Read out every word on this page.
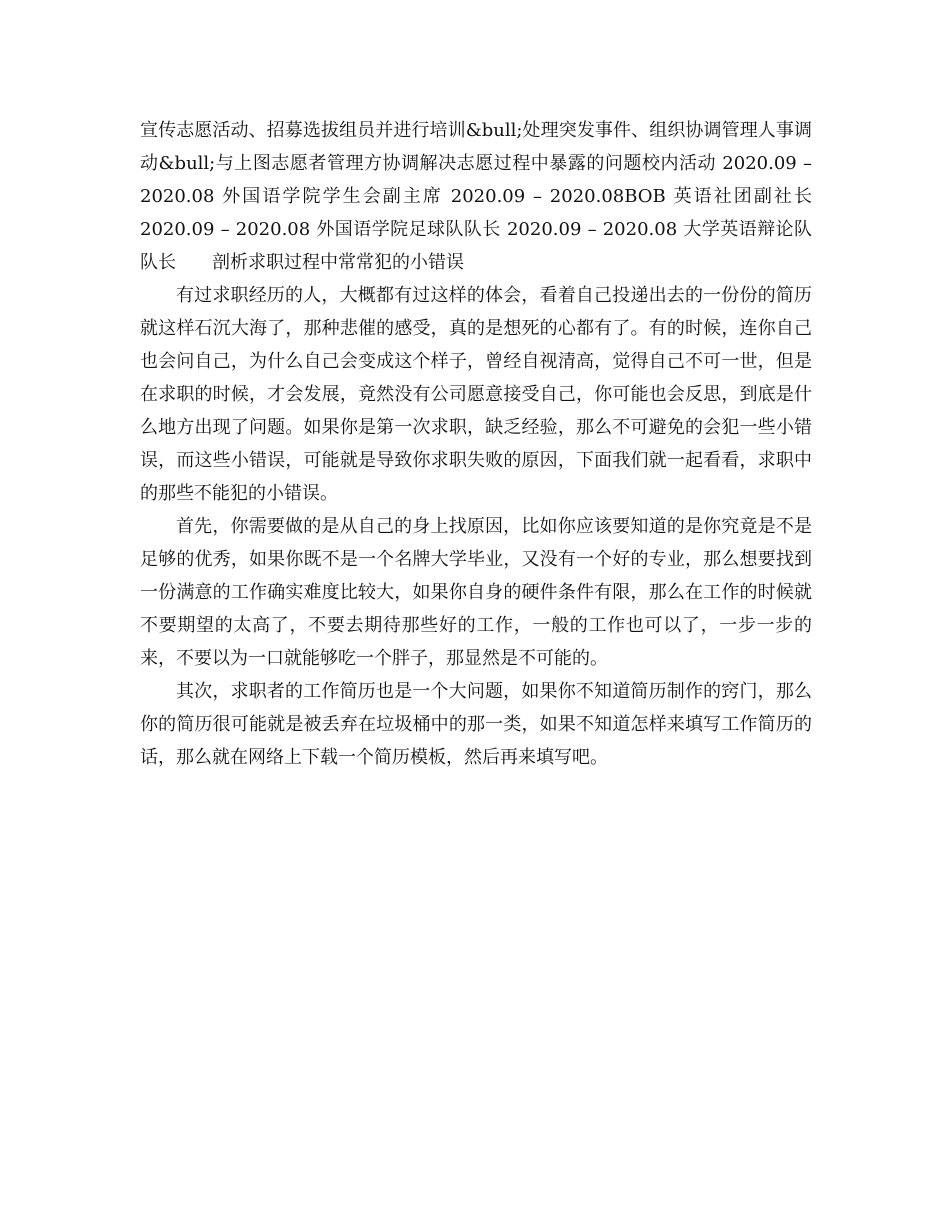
宣传志愿活动、招募选拔组员并进行培训&bull;处理突发事件、组织协调管理人事调动&bull;与上图志愿者管理方协调解决志愿过程中暴露的问题校内活动 2020.09 – 2020.08 外国语学院学生会副主席 2020.09 – 2020.08BOB 英语社团副社长 2020.09 – 2020.08 外国语学院足球队队长 2020.09 – 2020.08 大学英语辩论队队长 剖析求职过程中常常犯的小错误

有过求职经历的人，大概都有过这样的体会，看着自己投递出去的一份份的简历就这样石沉大海了，那种悲催的感受，真的是想死的心都有了。有的时候，连你自己也会问自己，为什么自己会变成这个样子，曾经自视清高，觉得自己不可一世，但是在求职的时候，才会发展，竟然没有公司愿意接受自己，你可能也会反思，到底是什么地方出现了问题。如果你是第一次求职，缺乏经验，那么不可避免的会犯一些小错误，而这些小错误，可能就是导致你求职失败的原因，下面我们就一起看看，求职中的那些不能犯的小错误。

首先，你需要做的是从自己的身上找原因，比如你应该要知道的是你究竟是不是足够的优秀，如果你既不是一个名牌大学毕业，又没有一个好的专业，那么想要找到一份满意的工作确实难度比较大，如果你自身的硬件条件有限，那么在工作的时候就不要期望的太高了，不要去期待那些好的工作，一般的工作也可以了，一步一步的来，不要以为一口就能够吃一个胖子，那显然是不可能的。

其次，求职者的工作简历也是一个大问题，如果你不知道简历制作的窍门，那么你的简历很可能就是被丢弃在垃圾桶中的那一类，如果不知道怎样来填写工作简历的话，那么就在网络上下载一个简历模板，然后再来填写吧。
